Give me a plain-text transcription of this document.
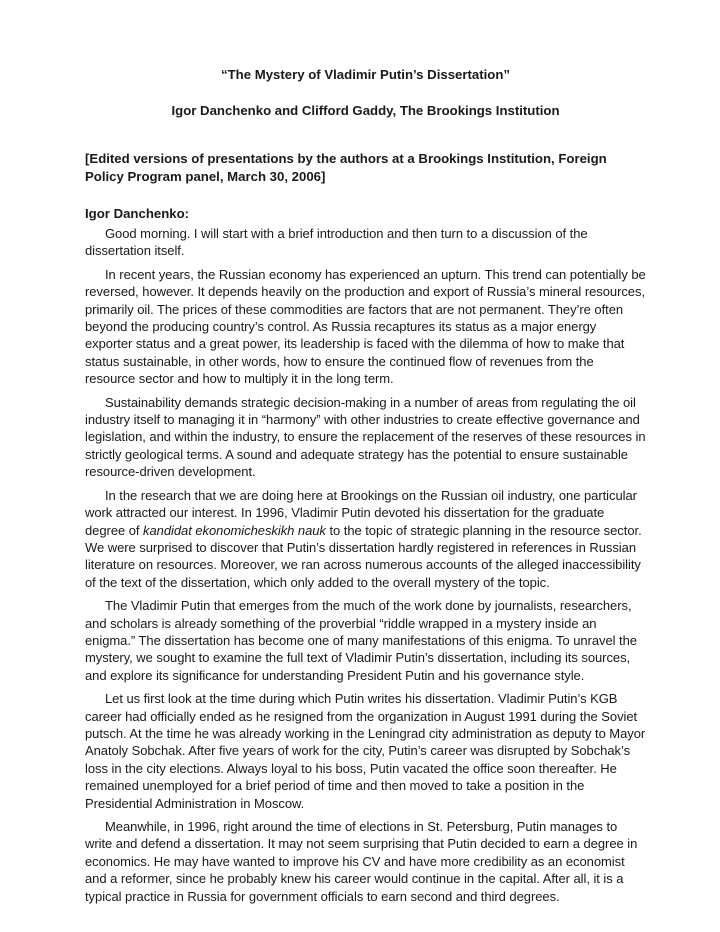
“The Mystery of Vladimir Putin’s Dissertation”
Igor Danchenko and Clifford Gaddy, The Brookings Institution
[Edited versions of presentations by the authors at a Brookings Institution, Foreign Policy Program panel, March 30, 2006]
Igor Danchenko:

Good morning. I will start with a brief introduction and then turn to a discussion of the dissertation itself.

In recent years, the Russian economy has experienced an upturn. This trend can potentially be reversed, however. It depends heavily on the production and export of Russia’s mineral resources, primarily oil. The prices of these commodities are factors that are not permanent. They’re often beyond the producing country’s control. As Russia recaptures its status as a major energy exporter status and a great power, its leadership is faced with the dilemma of how to make that status sustainable, in other words, how to ensure the continued flow of revenues from the resource sector and how to multiply it in the long term.

Sustainability demands strategic decision-making in a number of areas from regulating the oil industry itself to managing it in “harmony” with other industries to create effective governance and legislation, and within the industry, to ensure the replacement of the reserves of these resources in strictly geological terms. A sound and adequate strategy has the potential to ensure sustainable resource-driven development.

In the research that we are doing here at Brookings on the Russian oil industry, one particular work attracted our interest. In 1996, Vladimir Putin devoted his dissertation for the graduate degree of kandidat ekonomicheskikh nauk to the topic of strategic planning in the resource sector. We were surprised to discover that Putin’s dissertation hardly registered in references in Russian literature on resources. Moreover, we ran across numerous accounts of the alleged inaccessibility of the text of the dissertation, which only added to the overall mystery of the topic.

The Vladimir Putin that emerges from the much of the work done by journalists, researchers, and scholars is already something of the proverbial “riddle wrapped in a mystery inside an enigma.” The dissertation has become one of many manifestations of this enigma. To unravel the mystery, we sought to examine the full text of Vladimir Putin’s dissertation, including its sources, and explore its significance for understanding President Putin and his governance style.

Let us first look at the time during which Putin writes his dissertation. Vladimir Putin’s KGB career had officially ended as he resigned from the organization in August 1991 during the Soviet putsch. At the time he was already working in the Leningrad city administration as deputy to Mayor Anatoly Sobchak. After five years of work for the city, Putin’s career was disrupted by Sobchak’s loss in the city elections. Always loyal to his boss, Putin vacated the office soon thereafter. He remained unemployed for a brief period of time and then moved to take a position in the Presidential Administration in Moscow.

Meanwhile, in 1996, right around the time of elections in St. Petersburg, Putin manages to write and defend a dissertation. It may not seem surprising that Putin decided to earn a degree in economics. He may have wanted to improve his CV and have more credibility as an economist and a reformer, since he probably knew his career would continue in the capital. After all, it is a typical practice in Russia for government officials to earn second and third degrees.
